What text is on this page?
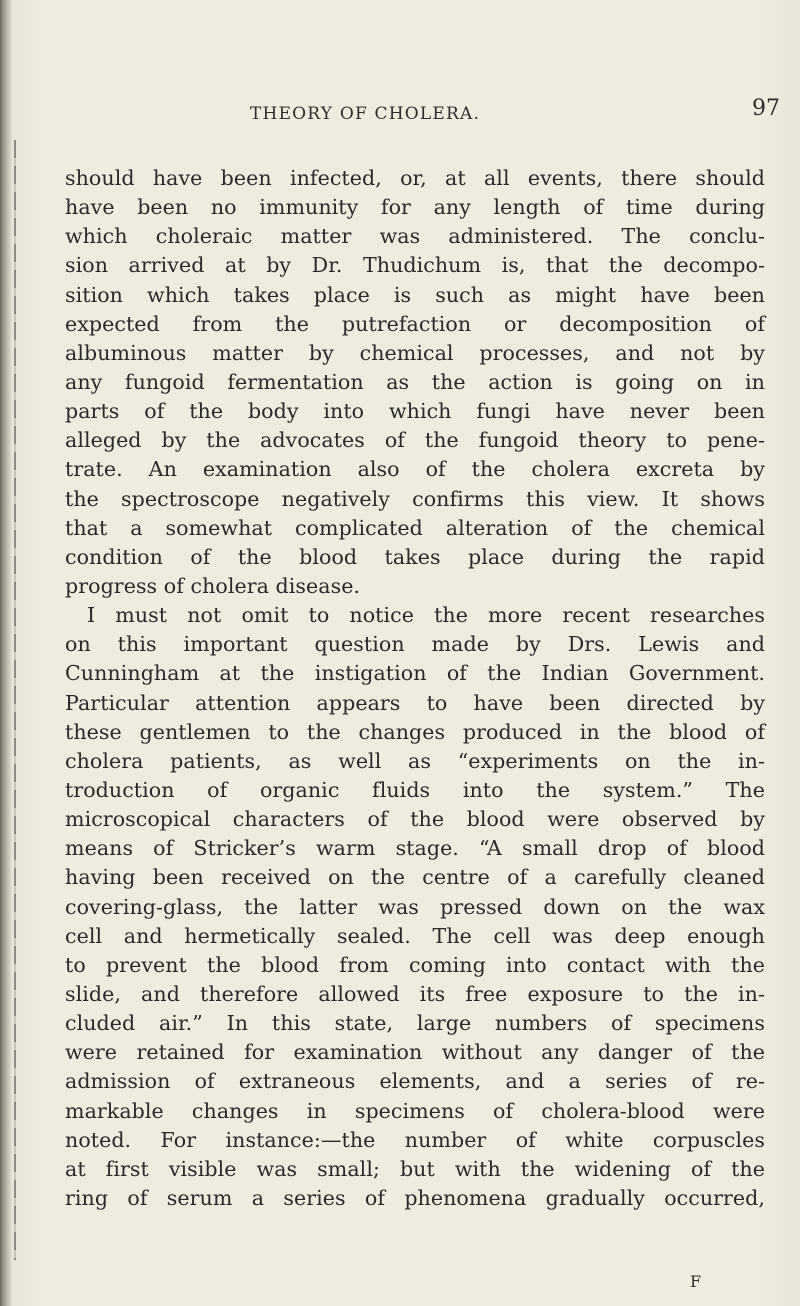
THEORY OF CHOLERA.	97
should have been infected, or, at all events, there should
have been no immunity for any length of time during
which choleraic matter was administered. The conclu-
sion arrived at by Dr. Thudichum is, that the decompo-
sition which takes place is such as might have been
expected from the putrefaction or decomposition of
albuminous matter by chemical processes, and not by
any fungoid fermentation as the action is going on in
parts of the body into which fungi have never been
alleged by the advocates of the fungoid theory to pene-
trate. An examination also of the cholera excreta by
the spectroscope negatively confirms this view. It shows
that a somewhat complicated alteration of the chemical
condition of the blood takes place during the rapid
progress of cholera disease.
I must not omit to notice the more recent researches
on this important question made by Drs. Lewis and
Cunningham at the instigation of the Indian Government.
Particular attention appears to have been directed by
these gentlemen to the changes produced in the blood of
cholera patients, as well as “experiments on the in-
troduction of organic fluids into the system.” The
microscopical characters of the blood were observed by
means of Stricker’s warm stage. “A small drop of blood
having been received on the centre of a carefully cleaned
covering-glass, the latter was pressed down on the wax
cell and hermetically sealed. The cell was deep enough
to prevent the blood from coming into contact with the
slide, and therefore allowed its free exposure to the in-
cluded air.” In this state, large numbers of specimens
were retained for examination without any danger of the
admission of extraneous elements, and a series of re-
markable changes in specimens of cholera-blood were
noted. For instance:—the number of white corpuscles
at first visible was small; but with the widening of the
ring of serum a series of phenomena gradually occurred,
F
